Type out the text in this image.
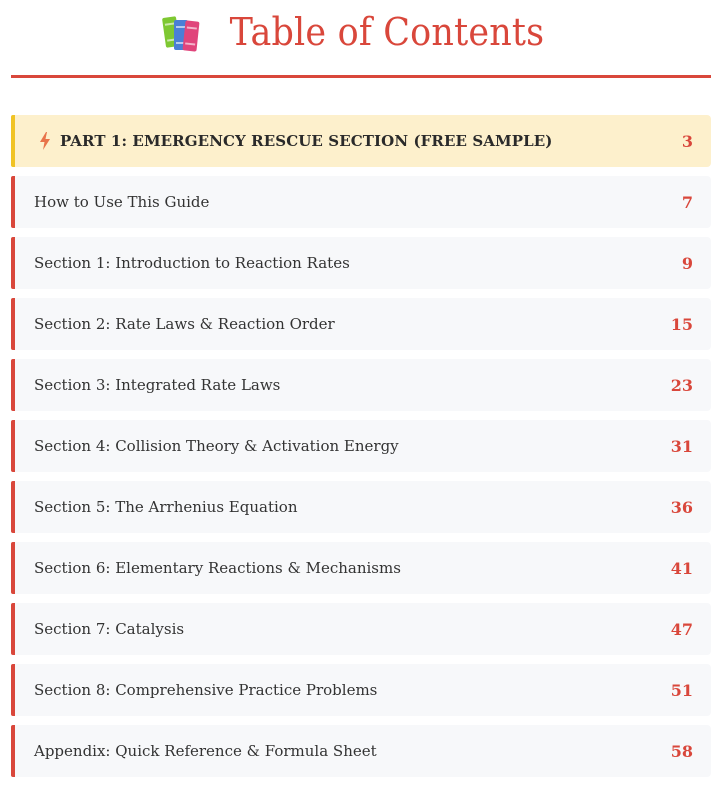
Table of Contents
PART 1: EMERGENCY RESCUE SECTION (FREE SAMPLE)	3
How to Use This Guide	7
Section 1: Introduction to Reaction Rates	9
Section 2: Rate Laws & Reaction Order	15
Section 3: Integrated Rate Laws	23
Section 4: Collision Theory & Activation Energy	31
Section 5: The Arrhenius Equation	36
Section 6: Elementary Reactions & Mechanisms	41
Section 7: Catalysis	47
Section 8: Comprehensive Practice Problems	51
Appendix: Quick Reference & Formula Sheet	58
